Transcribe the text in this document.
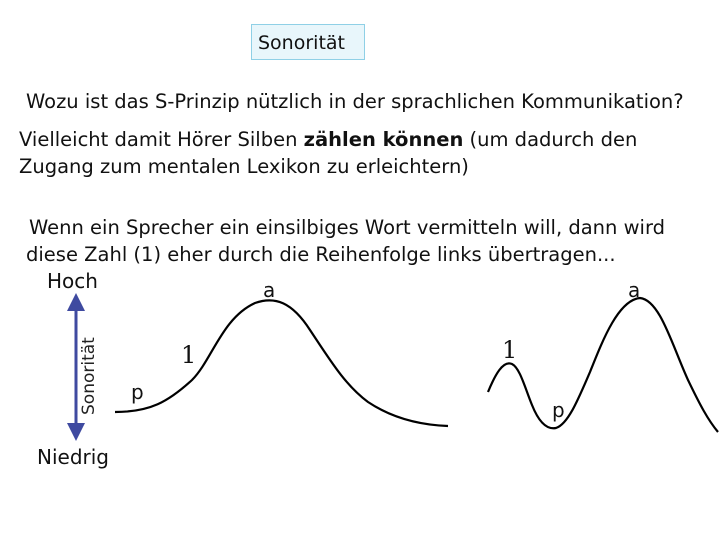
Sonorität
Wozu ist das S-Prinzip nützlich in der sprachlichen Kommunikation?
Vielleicht damit Hörer Silben zählen können (um dadurch den
Zugang zum mentalen Lexikon zu erleichtern)
Wenn ein Sprecher ein einsilbiges Wort vermitteln will, dann wird
diese Zahl (1) eher durch die Reihenfolge links übertragen...
Sonorität
Hoch
Niedrig
a
1
p
a
1
p
